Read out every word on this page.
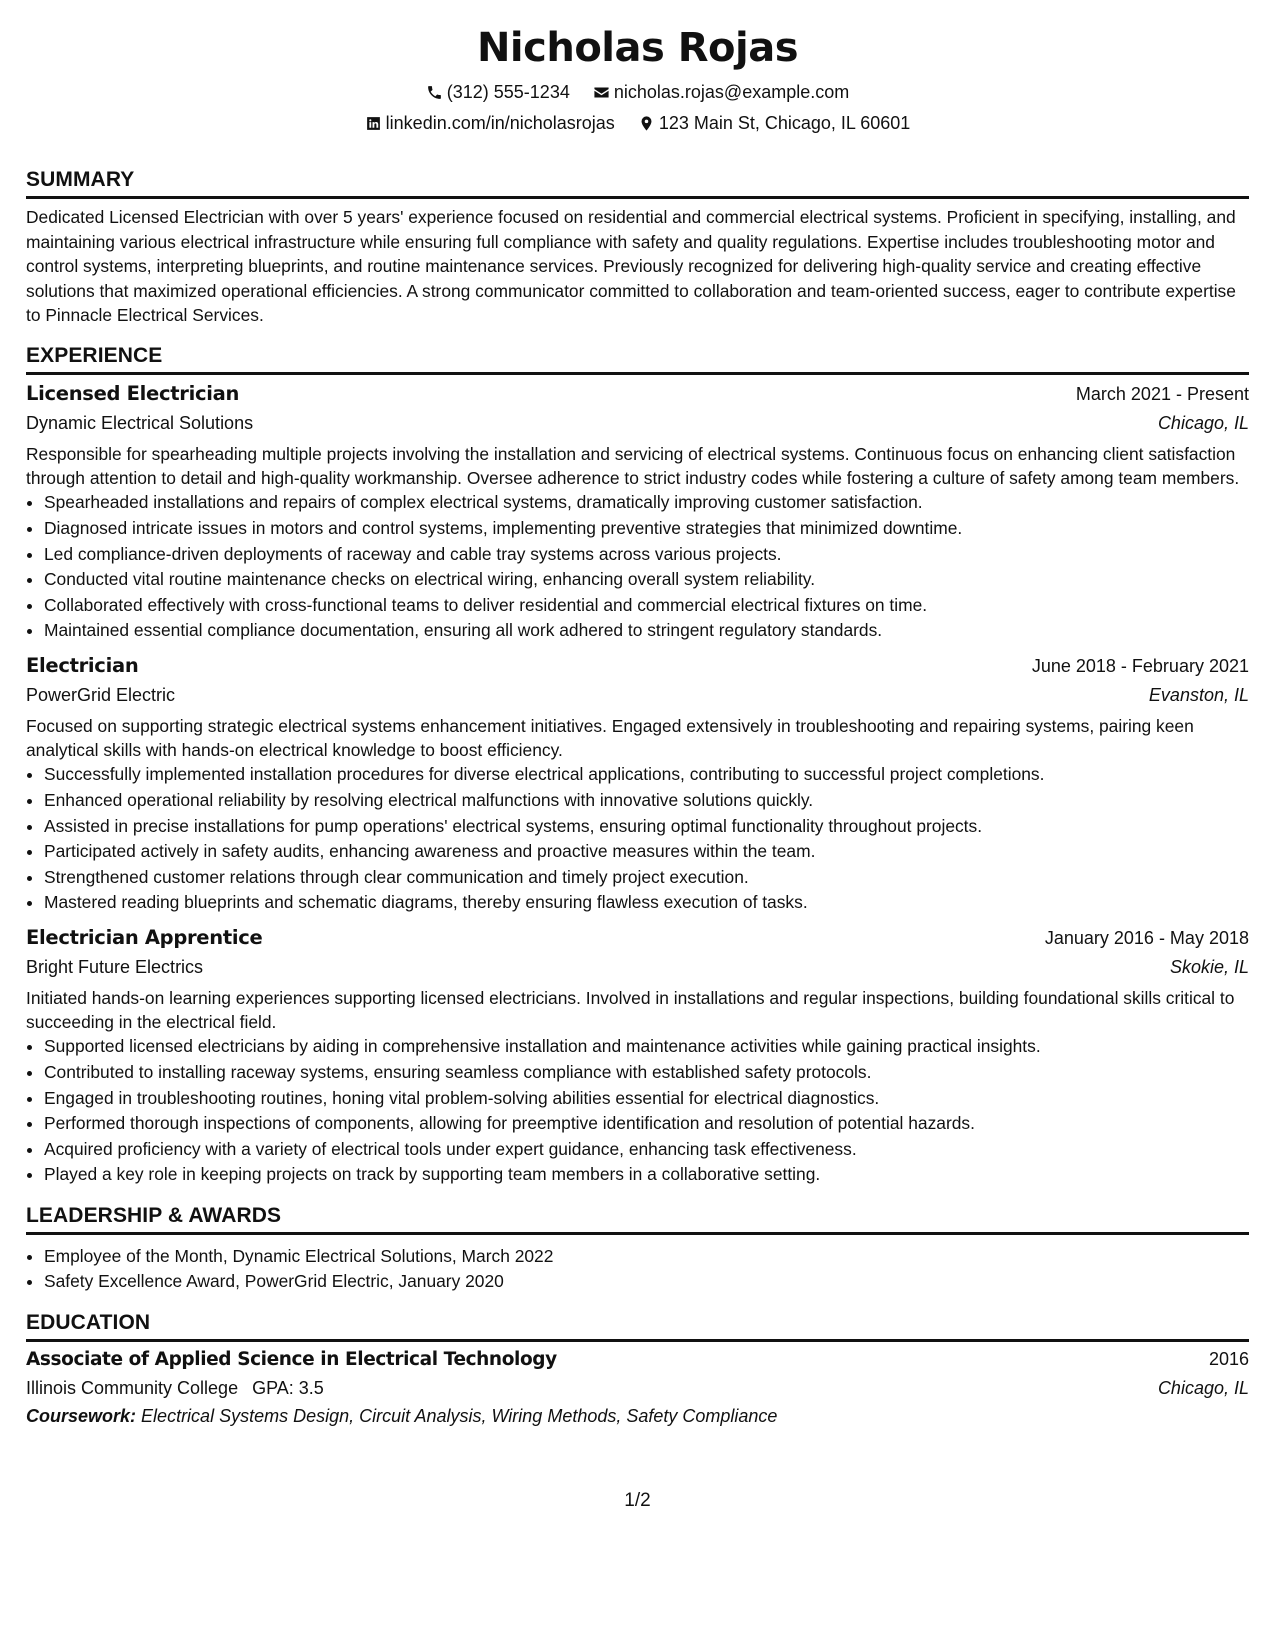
Nicholas Rojas
(312) 555-1234
nicholas.rojas@example.com
linkedin.com/in/nicholasrojas
123 Main St, Chicago, IL 60601
SUMMARY
Dedicated Licensed Electrician with over 5 years' experience focused on residential and commercial electrical systems. Proficient in specifying, installing, and maintaining various electrical infrastructure while ensuring full compliance with safety and quality regulations. Expertise includes troubleshooting motor and control systems, interpreting blueprints, and routine maintenance services. Previously recognized for delivering high-quality service and creating effective solutions that maximized operational efficiencies. A strong communicator committed to collaboration and team-oriented success, eager to contribute expertise to Pinnacle Electrical Services.
EXPERIENCE
Licensed Electrician	March 2021 - Present
Dynamic Electrical Solutions	Chicago, IL
Responsible for spearheading multiple projects involving the installation and servicing of electrical systems. Continuous focus on enhancing client satisfaction through attention to detail and high-quality workmanship. Oversee adherence to strict industry codes while fostering a culture of safety among team members.
• Spearheaded installations and repairs of complex electrical systems, dramatically improving customer satisfaction.
• Diagnosed intricate issues in motors and control systems, implementing preventive strategies that minimized downtime.
• Led compliance-driven deployments of raceway and cable tray systems across various projects.
• Conducted vital routine maintenance checks on electrical wiring, enhancing overall system reliability.
• Collaborated effectively with cross-functional teams to deliver residential and commercial electrical fixtures on time.
• Maintained essential compliance documentation, ensuring all work adhered to stringent regulatory standards.
Electrician	June 2018 - February 2021
PowerGrid Electric	Evanston, IL
Focused on supporting strategic electrical systems enhancement initiatives. Engaged extensively in troubleshooting and repairing systems, pairing keen analytical skills with hands-on electrical knowledge to boost efficiency.
• Successfully implemented installation procedures for diverse electrical applications, contributing to successful project completions.
• Enhanced operational reliability by resolving electrical malfunctions with innovative solutions quickly.
• Assisted in precise installations for pump operations' electrical systems, ensuring optimal functionality throughout projects.
• Participated actively in safety audits, enhancing awareness and proactive measures within the team.
• Strengthened customer relations through clear communication and timely project execution.
• Mastered reading blueprints and schematic diagrams, thereby ensuring flawless execution of tasks.
Electrician Apprentice	January 2016 - May 2018
Bright Future Electrics	Skokie, IL
Initiated hands-on learning experiences supporting licensed electricians. Involved in installations and regular inspections, building foundational skills critical to succeeding in the electrical field.
• Supported licensed electricians by aiding in comprehensive installation and maintenance activities while gaining practical insights.
• Contributed to installing raceway systems, ensuring seamless compliance with established safety protocols.
• Engaged in troubleshooting routines, honing vital problem-solving abilities essential for electrical diagnostics.
• Performed thorough inspections of components, allowing for preemptive identification and resolution of potential hazards.
• Acquired proficiency with a variety of electrical tools under expert guidance, enhancing task effectiveness.
• Played a key role in keeping projects on track by supporting team members in a collaborative setting.
LEADERSHIP & AWARDS
• Employee of the Month, Dynamic Electrical Solutions, March 2022
• Safety Excellence Award, PowerGrid Electric, January 2020
EDUCATION
Associate of Applied Science in Electrical Technology	2016
Illinois Community College GPA: 3.5	Chicago, IL
Coursework: Electrical Systems Design, Circuit Analysis, Wiring Methods, Safety Compliance
1/2
